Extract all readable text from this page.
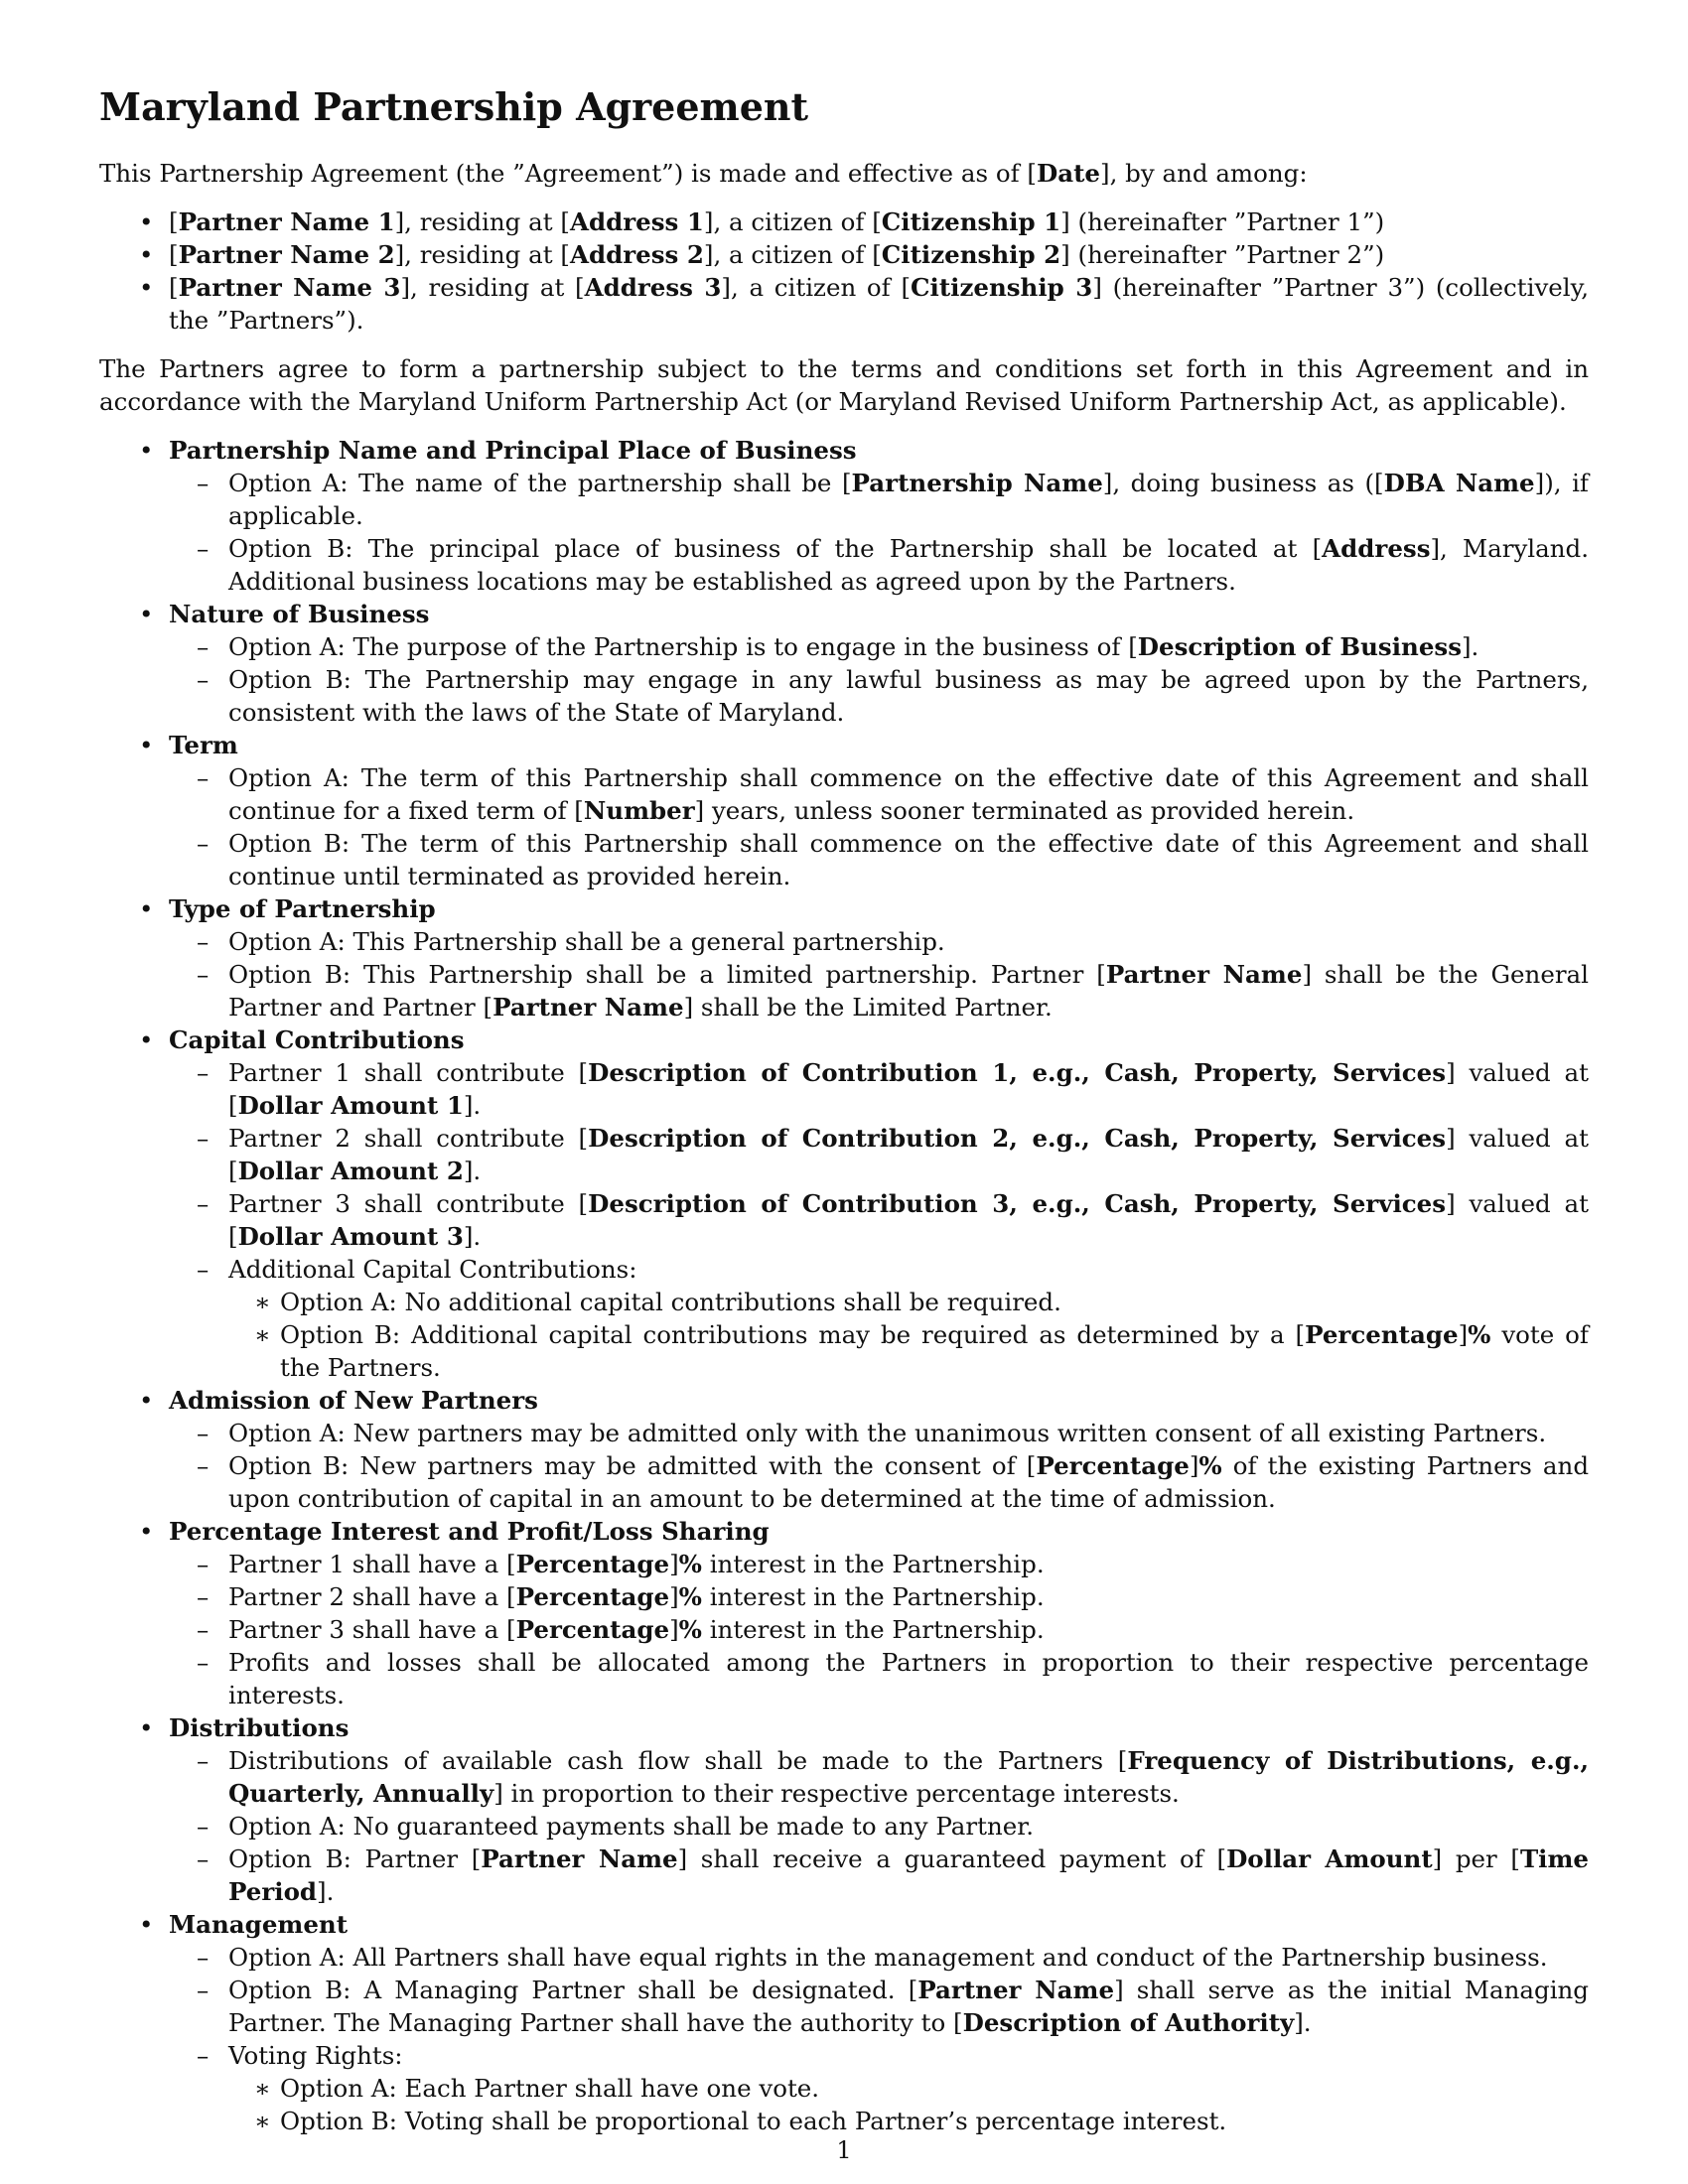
Maryland Partnership Agreement

This Partnership Agreement (the ”Agreement”) is made and effective as of [Date], by and among:

• [Partner Name 1], residing at [Address 1], a citizen of [Citizenship 1] (hereinafter ”Partner 1”)
• [Partner Name 2], residing at [Address 2], a citizen of [Citizenship 2] (hereinafter ”Partner 2”)
• [Partner Name 3], residing at [Address 3], a citizen of [Citizenship 3] (hereinafter ”Partner 3”) (collectively, the ”Partners”).

The Partners agree to form a partnership subject to the terms and conditions set forth in this Agreement and in accordance with the Maryland Uniform Partnership Act (or Maryland Revised Uniform Partnership Act, as applicable).

• Partnership Name and Principal Place of Business
– Option A: The name of the partnership shall be [Partnership Name], doing business as ([DBA Name]), if applicable.
– Option B: The principal place of business of the Partnership shall be located at [Address], Maryland. Additional business locations may be established as agreed upon by the Partners.
• Nature of Business
– Option A: The purpose of the Partnership is to engage in the business of [Description of Business].
– Option B: The Partnership may engage in any lawful business as may be agreed upon by the Partners, consistent with the laws of the State of Maryland.
• Term
– Option A: The term of this Partnership shall commence on the effective date of this Agreement and shall continue for a fixed term of [Number] years, unless sooner terminated as provided herein.
– Option B: The term of this Partnership shall commence on the effective date of this Agreement and shall continue until terminated as provided herein.
• Type of Partnership
– Option A: This Partnership shall be a general partnership.
– Option B: This Partnership shall be a limited partnership. Partner [Partner Name] shall be the General Partner and Partner [Partner Name] shall be the Limited Partner.
• Capital Contributions
– Partner 1 shall contribute [Description of Contribution 1, e.g., Cash, Property, Services] valued at [Dollar Amount 1].
– Partner 2 shall contribute [Description of Contribution 2, e.g., Cash, Property, Services] valued at [Dollar Amount 2].
– Partner 3 shall contribute [Description of Contribution 3, e.g., Cash, Property, Services] valued at [Dollar Amount 3].
– Additional Capital Contributions:
∗ Option A: No additional capital contributions shall be required.
∗ Option B: Additional capital contributions may be required as determined by a [Percentage]% vote of the Partners.
• Admission of New Partners
– Option A: New partners may be admitted only with the unanimous written consent of all existing Partners.
– Option B: New partners may be admitted with the consent of [Percentage]% of the existing Partners and upon contribution of capital in an amount to be determined at the time of admission.
• Percentage Interest and Profit/Loss Sharing
– Partner 1 shall have a [Percentage]% interest in the Partnership.
– Partner 2 shall have a [Percentage]% interest in the Partnership.
– Partner 3 shall have a [Percentage]% interest in the Partnership.
– Profits and losses shall be allocated among the Partners in proportion to their respective percentage interests.
• Distributions
– Distributions of available cash flow shall be made to the Partners [Frequency of Distributions, e.g., Quarterly, Annually] in proportion to their respective percentage interests.
– Option A: No guaranteed payments shall be made to any Partner.
– Option B: Partner [Partner Name] shall receive a guaranteed payment of [Dollar Amount] per [Time Period].
• Management
– Option A: All Partners shall have equal rights in the management and conduct of the Partnership business.
– Option B: A Managing Partner shall be designated. [Partner Name] shall serve as the initial Managing Partner. The Managing Partner shall have the authority to [Description of Authority].
– Voting Rights:
∗ Option A: Each Partner shall have one vote.
∗ Option B: Voting shall be proportional to each Partner’s percentage interest.
1
